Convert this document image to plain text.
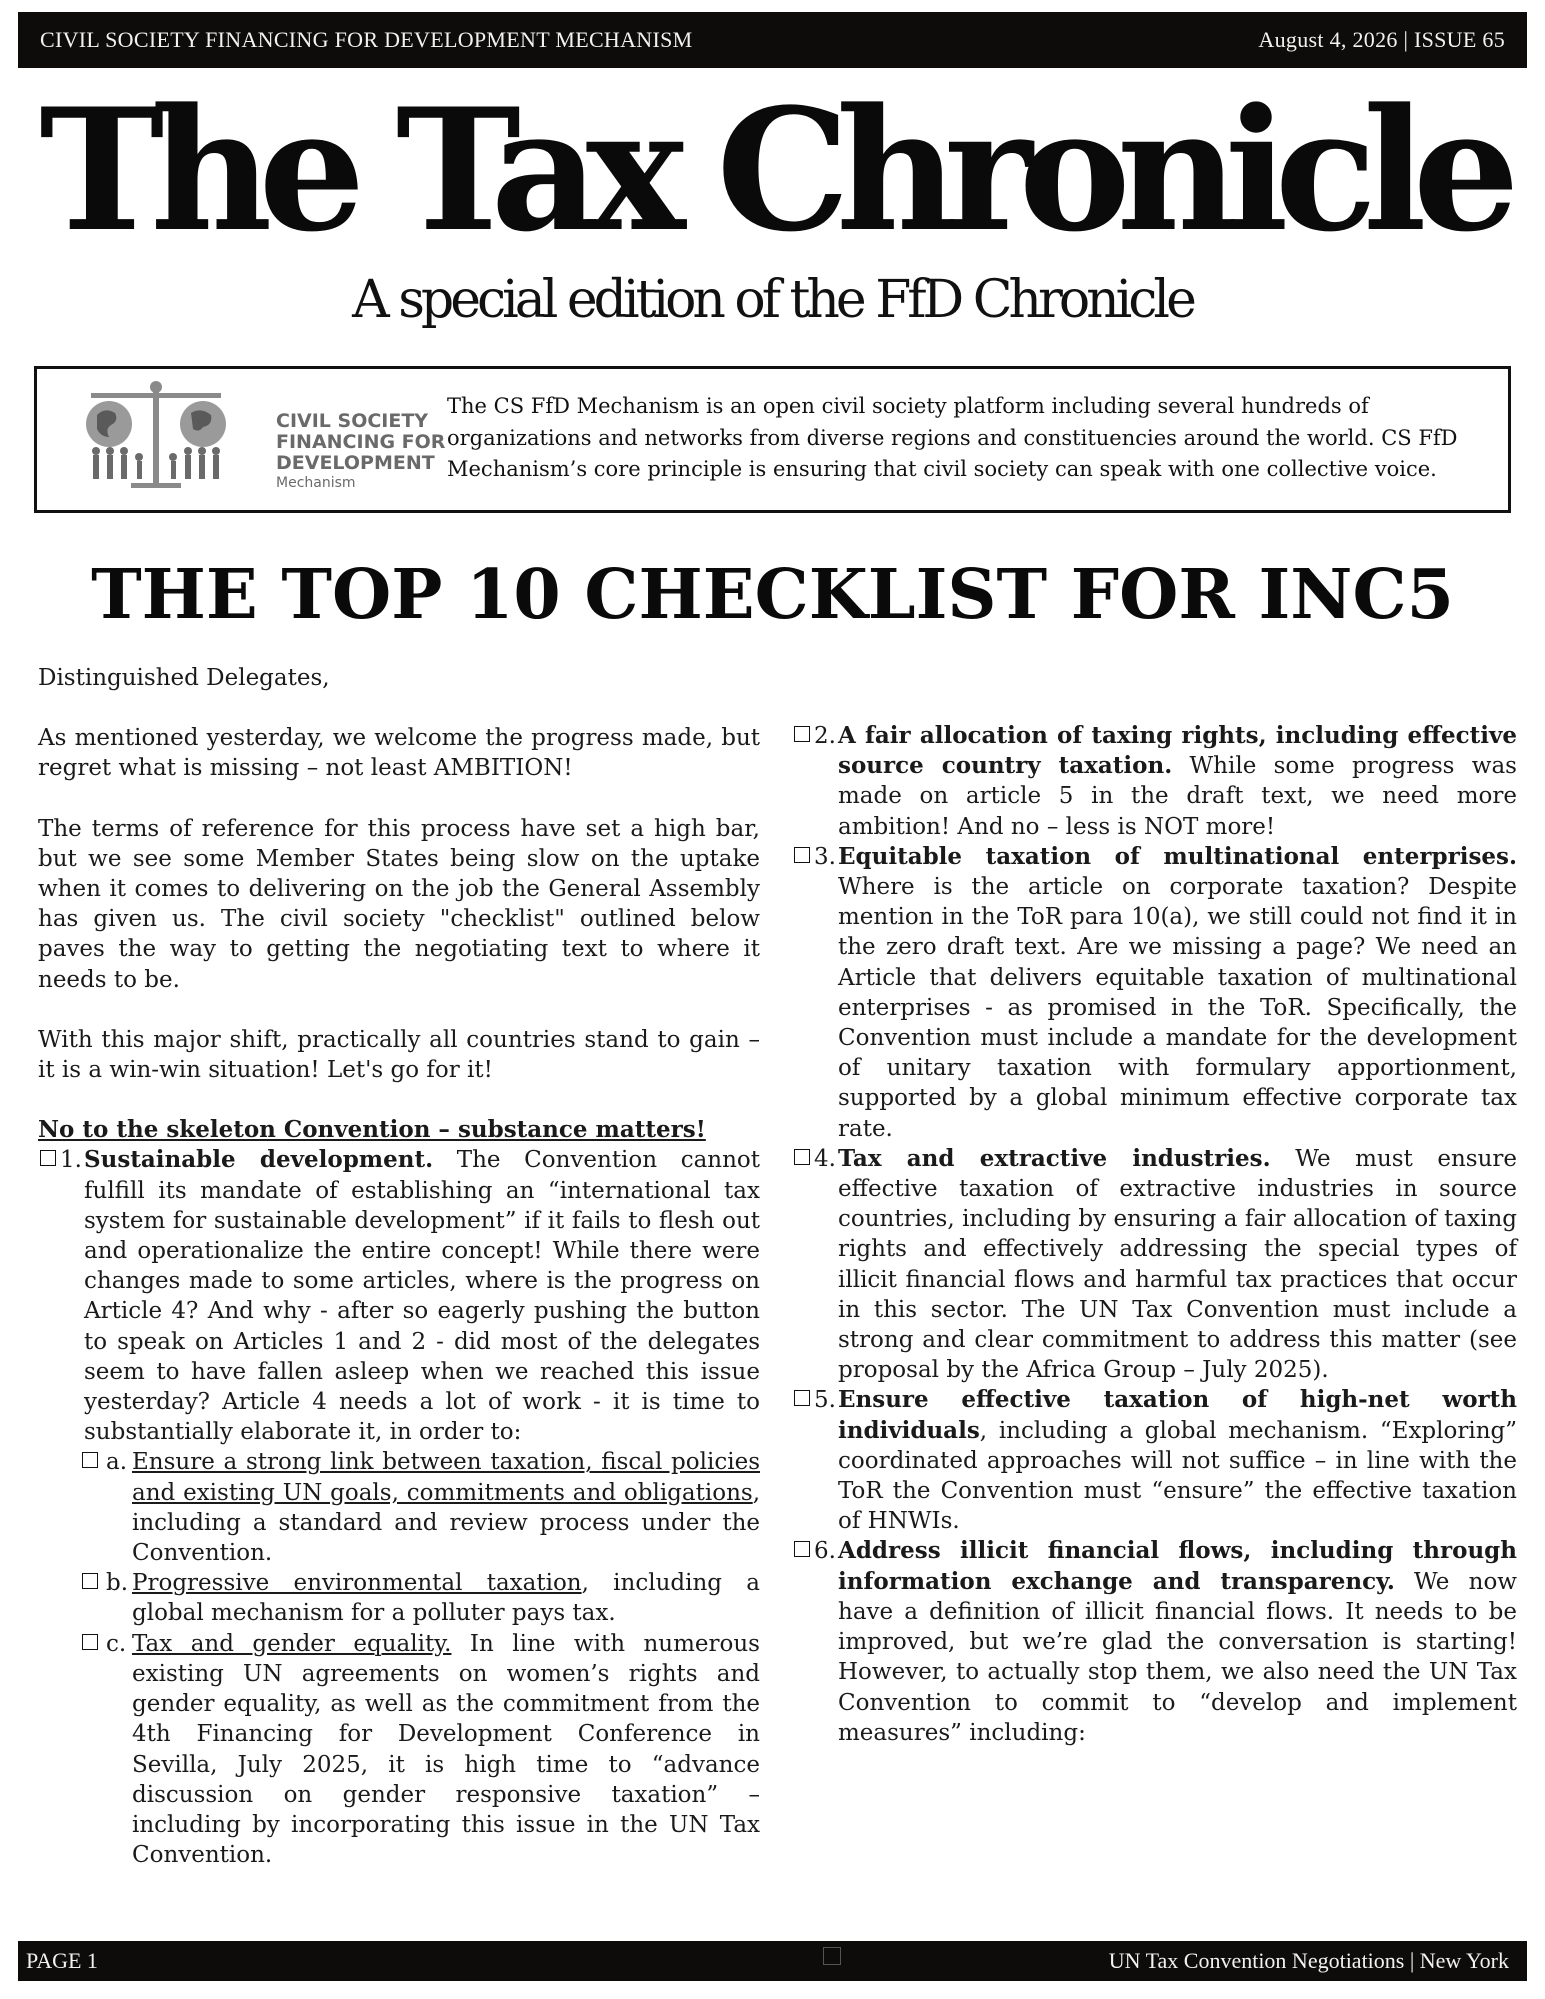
CIVIL SOCIETY FINANCING FOR DEVELOPMENT MECHANISM	August 4, 2026 | ISSUE 65
The Tax Chronicle
A special edition of the FfD Chronicle
CIVIL SOCIETY
FINANCING FOR
DEVELOPMENT
Mechanism
The CS FfD Mechanism is an open civil society platform including several hundreds of organizations and networks from diverse regions and constituencies around the world. CS FfD Mechanism’s core principle is ensuring that civil society can speak with one collective voice.
THE TOP 10 CHECKLIST FOR INC5

Distinguished Delegates,

As mentioned yesterday, we welcome the progress made, but regret what is missing – not least AMBITION!

The terms of reference for this process have set a high bar, but we see some Member States being slow on the uptake when it comes to delivering on the job the General Assembly has given us. The civil society "checklist" outlined below paves the way to getting the negotiating text to where it needs to be.

With this major shift, practically all countries stand to gain – it is a win-win situation! Let's go for it!

No to the skeleton Convention – substance matters!
1. Sustainable development. The Convention cannot fulfill its mandate of establishing an “international tax system for sustainable development” if it fails to flesh out and operationalize the entire concept! While there were changes made to some articles, where is the progress on Article 4? And why - after so eagerly pushing the button to speak on Articles 1 and 2 - did most of the delegates seem to have fallen asleep when we reached this issue yesterday? Article 4 needs a lot of work - it is time to substantially elaborate it, in order to:
a. Ensure a strong link between taxation, fiscal policies and existing UN goals, commitments and obligations, including a standard and review process under the Convention.
b. Progressive environmental taxation, including a global mechanism for a polluter pays tax.
c. Tax and gender equality. In line with numerous existing UN agreements on women’s rights and gender equality, as well as the commitment from the 4th Financing for Development Conference in Sevilla, July 2025, it is high time to “advance discussion on gender responsive taxation” – including by incorporating this issue in the UN Tax Convention.
2. A fair allocation of taxing rights, including effective source country taxation. While some progress was made on article 5 in the draft text, we need more ambition! And no – less is NOT more!
3. Equitable taxation of multinational enterprises. Where is the article on corporate taxation? Despite mention in the ToR para 10(a), we still could not find it in the zero draft text. Are we missing a page? We need an Article that delivers equitable taxation of multinational enterprises - as promised in the ToR. Specifically, the Convention must include a mandate for the development of unitary taxation with formulary apportionment, supported by a global minimum effective corporate tax rate.
4. Tax and extractive industries. We must ensure effective taxation of extractive industries in source countries, including by ensuring a fair allocation of taxing rights and effectively addressing the special types of illicit financial flows and harmful tax practices that occur in this sector. The UN Tax Convention must include a strong and clear commitment to address this matter (see proposal by the Africa Group – July 2025).
5. Ensure effective taxation of high-net worth individuals, including a global mechanism. “Exploring” coordinated approaches will not suffice – in line with the ToR the Convention must “ensure” the effective taxation of HNWIs.
6. Address illicit financial flows, including through information exchange and transparency. We now have a definition of illicit financial flows. It needs to be improved, but we’re glad the conversation is starting! However, to actually stop them, we also need the UN Tax Convention to commit to “develop and implement measures” including:
PAGE 1	UN Tax Convention Negotiations | New York
